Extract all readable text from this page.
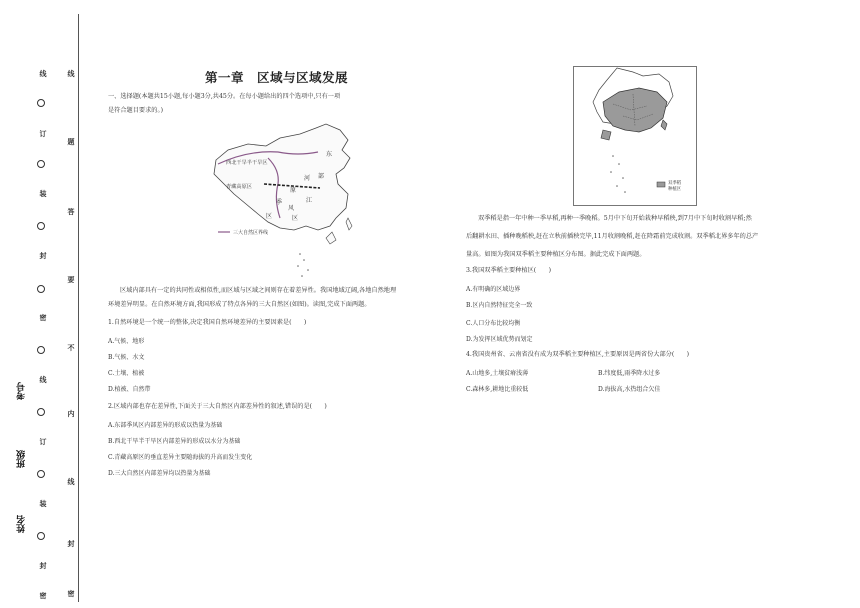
线
订
装
封
密
线
订
装
封
密
线
题
答
要
不
内
线
封
密
考号
班级
姓名
第一章　区域与区域发展
一、选择题(本题共15小题,每小题3分,共45分。在每小题给出的四个选项中,只有一项
是符合题目要求的。)
西北干旱半干旱区
青藏高原区
东
部
河
原
江
季
风
区	区
三大自然区界线
区域内部具有一定的共同性或相似性,而区域与区域之间则存在着差异性。我国地域辽阔,各地自然地理
环境差异明显。在自然环境方面,我国形成了特点各异的三大自然区(如图)。读图,完成下面两题。
1.自然环境是一个统一的整体,决定我国自然环境差异的主要因素是(　　)
A.气候、地形
B.气候、水文
C.土壤、植被
D.植被、自然带
2.区域内部也存在差异性,下面关于三大自然区内部差异性的叙述,错误的是(　　)
A.东部季风区内部差异的形成以热量为基础
B.西北干旱半干旱区内部差异的形成以水分为基础
C.青藏高原区的垂直差异主要随海拔的升高而发生变化
D.三大自然区内部差异均以热量为基础
双季稻
种植区
双季稻是指一年中种一季早稻,再种一季晚稻。5月中下旬开始栽种早稻秧,到7月中下旬时收割早稻;然
后翻耕水田、插种晚稻秧,赶在立秋前插秧完毕,11月收割晚稻,赶在降霜前完成收割。双季稻北界多年的总产
量高。如图为我国双季稻主要种植区分布图。据此完成下面两题。
3.我国双季稻主要种植区(　　)
A.有明确的区域边界
B.区内自然特征完全一致
C.人口分布比较均衡
D.为发挥区域优势而划定
4.我国贵州省、云南省没有成为双季稻主要种植区,主要原因是两省份大部分(　　)
A.山地多,土壤贫瘠浅薄	B.纬度低,雨季降水过多
C.森林多,耕地比重较低	D.海拔高,水热组合欠佳
